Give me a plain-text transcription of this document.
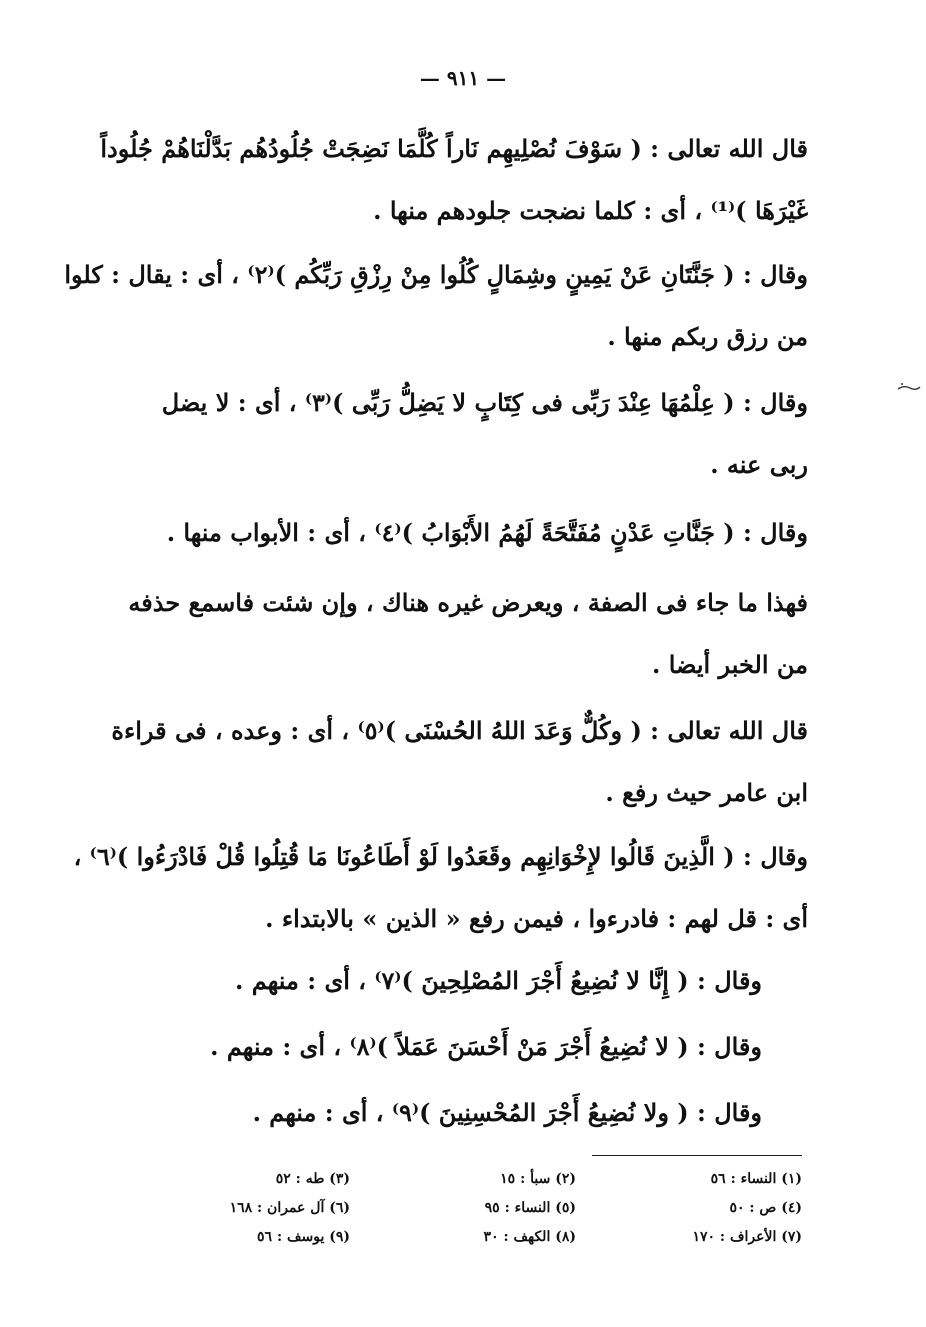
— ٩١١ —
قال الله تعالى : ( سَوْفَ نُصْلِيهِم نَاراً كُلَّمَا نَضِجَتْ جُلُودُهُم بَدَّلْنَاهُمْ جُلُوداً
غَيْرَهَا )⁽¹⁾ ، أى : كلما نضجت جلودهم منها .
وقال : ( جَنَّتَانِ عَنْ يَمِينٍ وشِمَالٍ كُلُوا مِنْ رِزْقِ رَبِّكُم )⁽٢⁾ ، أى : يقال : كلوا
من رزق ربكم منها .
وقال : ( عِلْمُهَا عِنْدَ رَبِّى فى كِتَابٍ لا يَضِلُّ رَبِّى )⁽٣⁾ ، أى : لا يضل
ربى عنه .
وقال : ( جَنَّاتِ عَدْنٍ مُفَتَّحَةً لَهُمُ الأَبْوَابُ )⁽٤⁾ ، أى : الأبواب منها .
فهذا ما جاء فى الصفة ، ويعرض غيره هناك ، وإن شئت فاسمع حذفه
من الخبر أيضا .
قال الله تعالى : ( وكُلٌّ وَعَدَ اللهُ الحُسْنَى )⁽٥⁾ ، أى : وعده ، فى قراءة
ابن عامر حيث رفع .
وقال : ( الَّذِينَ قَالُوا لإِخْوَانِهِم وقَعَدُوا لَوْ أَطَاعُونَا مَا قُتِلُوا قُلْ فَادْرَءُوا )⁽٦⁾ ،
أى : قل لهم : فادرءوا ، فيمن رفع « الذين » بالابتداء .
وقال : ( إِنَّا لا نُضِيعُ أَجْرَ المُصْلِحِينَ )⁽٧⁾ ، أى : منهم .
وقال : ( لا نُضِيعُ أَجْرَ مَنْ أَحْسَنَ عَمَلاً )⁽٨⁾ ، أى : منهم .
وقال : ( ولا نُضِيعُ أَجْرَ المُحْسِنِينَ )⁽٩⁾ ، أى : منهم .
(١) النساء : ٥٦
(٢) سبأ : ١٥
(٣) طه : ٥٢
(٤) ص : ٥٠
(٥) النساء : ٩٥
(٦) آل عمران : ١٦٨
(٧) الأعراف : ١٧٠
(٨) الكهف : ٣٠
(٩) يوسف : ٥٦
